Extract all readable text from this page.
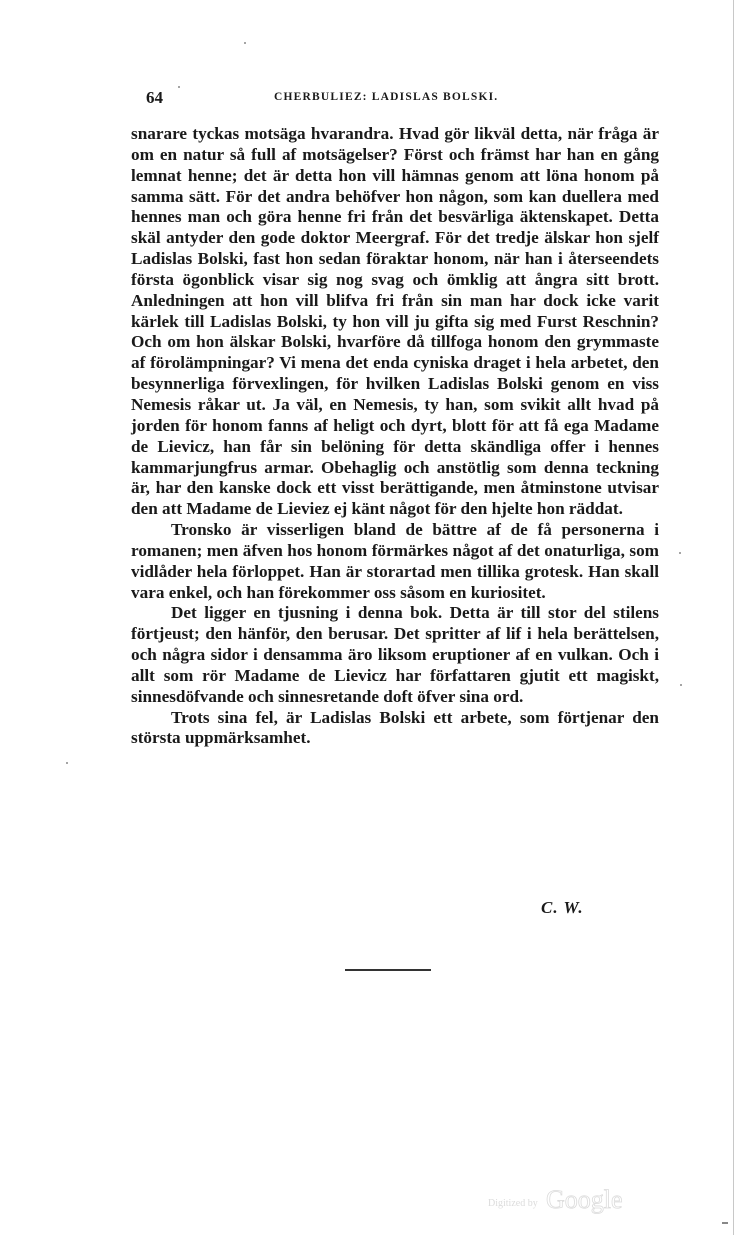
64	CHERBULIEZ: LADISLAS BOLSKI.

snarare tyckas motsäga hvarandra. Hvad gör likväl detta, när fråga är om en natur så full af motsägelser? Först och främst har han en gång lemnat henne; det är detta hon vill hämnas genom att löna honom på samma sätt. För det andra behöfver hon någon, som kan duellera med hennes man och göra henne fri från det besvärliga äktenskapet. Detta skäl antyder den gode doktor Meergraf. För det tredje älskar hon sjelf Ladislas Bolski, fast hon sedan föraktar honom, när han i återseendets första ögonblick visar sig nog svag och ömklig att ångra sitt brott. Anledningen att hon vill blifva fri från sin man har dock icke varit kärlek till Ladislas Bolski, ty hon vill ju gifta sig med Furst Reschnin? Och om hon älskar Bolski, hvarföre då tillfoga honom den grymmaste af förolämpningar? Vi mena det enda cyniska draget i hela arbetet, den besynnerliga förvexlingen, för hvilken Ladislas Bolski genom en viss Nemesis råkar ut. Ja väl, en Nemesis, ty han, som svikit allt hvad på jorden för honom fanns af heligt och dyrt, blott för att få ega Madame de Lievicz, han får sin belöning för detta skändliga offer i hennes kammarjungfrus armar. Obehaglig och anstötlig som denna teckning är, har den kanske dock ett visst berättigande, men åtminstone utvisar den att Madame de Lieviez ej känt något för den hjelte hon räddat.

Tronsko är visserligen bland de bättre af de få personerna i romanen; men äfven hos honom förmärkes något af det onaturliga, som vidlåder hela förloppet. Han är storartad men tillika grotesk. Han skall vara enkel, och han förekommer oss såsom en kuriositet.

Det ligger en tjusning i denna bok. Detta är till stor del stilens förtjeust; den hänför, den berusar. Det spritter af lif i hela berättelsen, och några sidor i densamma äro liksom eruptioner af en vulkan. Och i allt som rör Madame de Lievicz har författaren gjutit ett magiskt, sinnesdöfvande och sinnesretande doft öfver sina ord.

Trots sina fel, är Ladislas Bolski ett arbete, som förtjenar den största uppmärksamhet.

C. W.
Digitized by Google
